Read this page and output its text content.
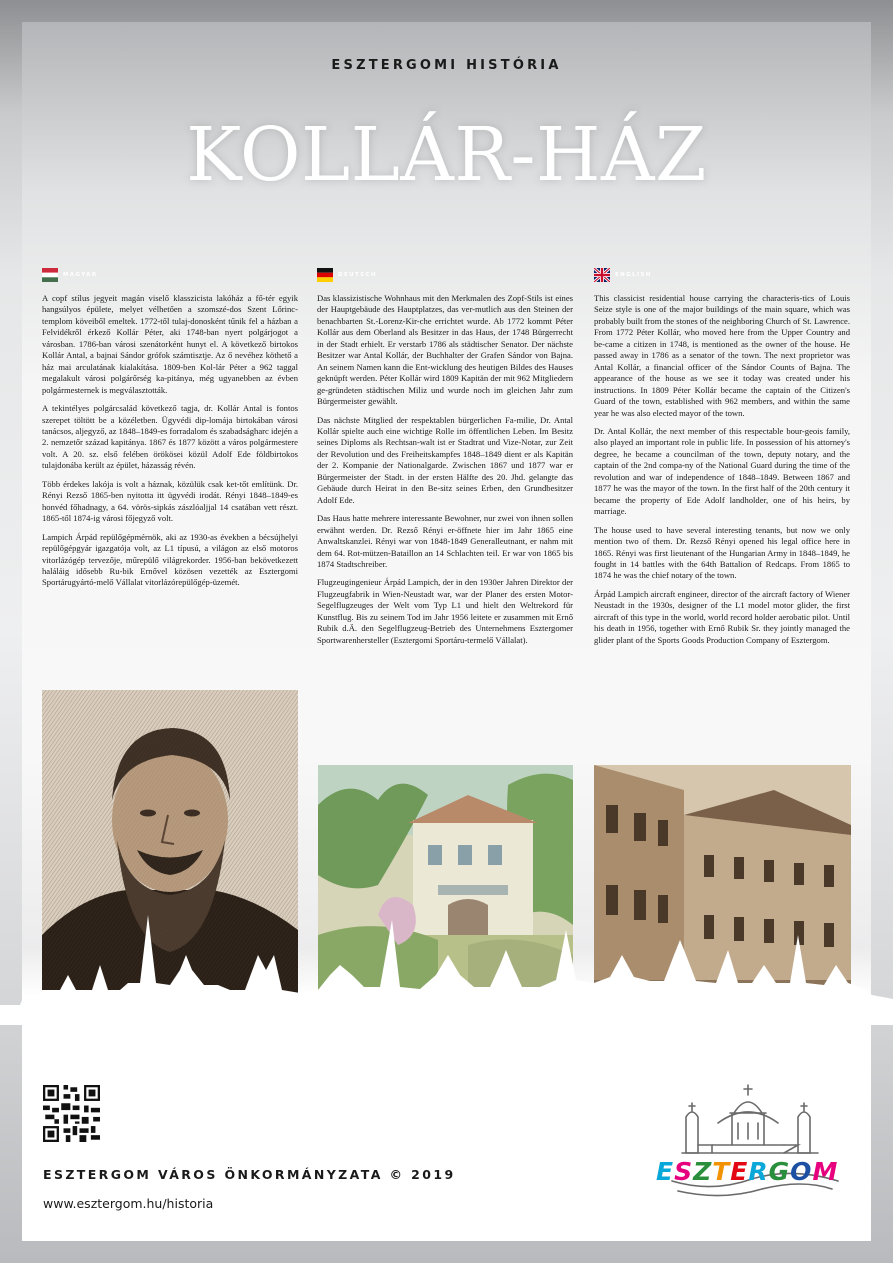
ESZTERGOMI HISTÓRIA
KOLLÁR-HÁZ
MAGYAR

A copf stílus jegyeit magán viselő klasszicista lakóház a fő-tér egyik hangsúlyos épülete, melyet vélhetően a szomszé-dos Szent Lőrinc-templom köveiből emeltek. 1772-től tulaj-donosként tűnik fel a házban a Felvidékről érkező Kollár Péter, aki 1748-ban nyert polgárjogot a városban. 1786-ban városi szenátorként hunyt el. A következő birtokos Kollár Antal, a bajnai Sándor grófok számtisztje. Az ő nevéhez köthető a ház mai arculatának kialakítása. 1809-ben Kol-lár Péter a 962 taggal megalakult városi polgárőrség ka-pitánya, még ugyanebben az évben polgármesternek is megválasztották.

A tekintélyes polgárcsalád következő tagja, dr. Kollár Antal is fontos szerepet töltött be a közéletben. Ügyvédi dip-lomája birtokában városi tanácsos, aljegyző, az 1848–1849-es forradalom és szabadságharc idején a 2. nemzetőr század kapitánya. 1867 és 1877 között a város polgármestere volt. A 20. sz. első felében örökösei közül Adolf Ede földbirtokos tulajdonába került az épület, házasság révén.

Több érdekes lakója is volt a háznak, közülük csak ket-tőt említünk. Dr. Rényi Rezső 1865-ben nyitotta itt ügyvédi irodát. Rényi 1848–1849-es honvéd főhadnagy, a 64. vörös-sipkás zászlóaljjal 14 csatában vett részt. 1865-től 1874-ig városi főjegyző volt.

Lampich Árpád repülőgépmérnök, aki az 1930-as években a bécsújhelyi repülőgépgyár igazgatója volt, az L1 típusú, a világon az első motoros vitorlázógép tervezője, műrepülő világrekorder. 1956-ban bekövetkezett haláláig idősebb Ru-bik Ernővel közösen vezették az Esztergomi Sportárugyártó-melő Vállalat vitorlázórepülőgép-üzemét.

DEUTSCH

Das klassizistische Wohnhaus mit den Merkmalen des Zopf-Stils ist eines der Hauptgebäude des Hauptplatzes, das ver-mutlich aus den Steinen der benachbarten St.-Lorenz-Kir-che errichtet wurde. Ab 1772 kommt Péter Kollár aus dem Oberland als Besitzer in das Haus, der 1748 Bürgerrecht in der Stadt erhielt. Er verstarb 1786 als städtischer Senator. Der nächste Besitzer war Antal Kollár, der Buchhalter der Grafen Sándor von Bajna. An seinem Namen kann die Ent-wicklung des heutigen Bildes des Hauses geknüpft werden. Péter Kollár wird 1809 Kapitän der mit 962 Mitgliedern ge-gründeten städtischen Miliz und wurde noch im gleichen Jahr zum Bürgermeister gewählt.

Das nächste Mitglied der respektablen bürgerlichen Fa-milie, Dr. Antal Kollár spielte auch eine wichtige Rolle im öffentlichen Leben. Im Besitz seines Diploms als Rechtsan-walt ist er Stadtrat und Vize-Notar, zur Zeit der Revolution und des Freiheitskampfes 1848–1849 dient er als Kapitän der 2. Kompanie der Nationalgarde. Zwischen 1867 und 1877 war er Bürgermeister der Stadt. in der ersten Hälfte des 20. Jhd. gelangte das Gebäude durch Heirat in den Be-sitz seines Erben, den Grundbesitzer Adolf Ede.

Das Haus hatte mehrere interessante Bewohner, nur zwei von ihnen sollen erwähnt werden. Dr. Rezső Rényi er-öffnete hier im Jahr 1865 eine Anwaltskanzlei. Rényi war von 1848-1849 Generalleutnant, er nahm mit dem 64. Rot-mützen-Bataillon an 14 Schlachten teil. Er war von 1865 bis 1874 Stadtschreiber.

Flugzeugingenieur Árpád Lampich, der in den 1930er Jahren Direktor der Flugzeugfabrik in Wien-Neustadt war, war der Planer des ersten Motor-Segelflugzeuges der Welt vom Typ L1 und hielt den Weltrekord für Kunstflug. Bis zu seinem Tod im Jahr 1956 leitete er zusammen mit Ernő Rubik d.Ä. den Segelflugzeug-Betrieb des Unternehmens Esztergomer Sportwarenhersteller (Esztergomi Sportáru-termelő Vállalat).

ENGLISH

This classicist residential house carrying the characteris-tics of Louis Seize style is one of the major buildings of the main square, which was probably built from the stones of the neighboring Church of St. Lawrence. From 1772 Péter Kollár, who moved here from the Upper Country and be-came a citizen in 1748, is mentioned as the owner of the house. He passed away in 1786 as a senator of the town. The next proprietor was Antal Kollár, a financial officer of the Sándor Counts of Bajna. The appearance of the house as we see it today was created under his instructions. In 1809 Péter Kollár became the captain of the Citizen's Guard of the town, established with 962 members, and within the same year he was also elected mayor of the town.

Dr. Antal Kollár, the next member of this respectable bour-geois family, also played an important role in public life. In possession of his attorney's degree, he became a councilman of the town, deputy notary, and the captain of the 2nd compa-ny of the National Guard during the time of the revolution and war of independence of 1848–1849. Between 1867 and 1877 he was the mayor of the town. In the first half of the 20th century it became the property of Ede Adolf landholder, one of his heirs, by marriage.

The house used to have several interesting tenants, but now we only mention two of them. Dr. Rezső Rényi opened his legal office here in 1865. Rényi was first lieutenant of the Hungarian Army in 1848–1849, he fought in 14 battles with the 64th Battalion of Redcaps. From 1865 to 1874 he was the chief notary of the town.

Árpád Lampich aircraft engineer, director of the aircraft factory of Wiener Neustadt in the 1930s, designer of the L1 model motor glider, the first aircraft of this type in the world, world record holder aerobatic pilot. Until his death in 1956, together with Ernő Rubik Sr. they jointly managed the glider plant of the Sports Goods Production Company of Esztergom.

ESZTERGOM VÁROS ÖNKORMÁNYZATA © 2019
www.esztergom.hu/historia
E S Z T E R G O M
